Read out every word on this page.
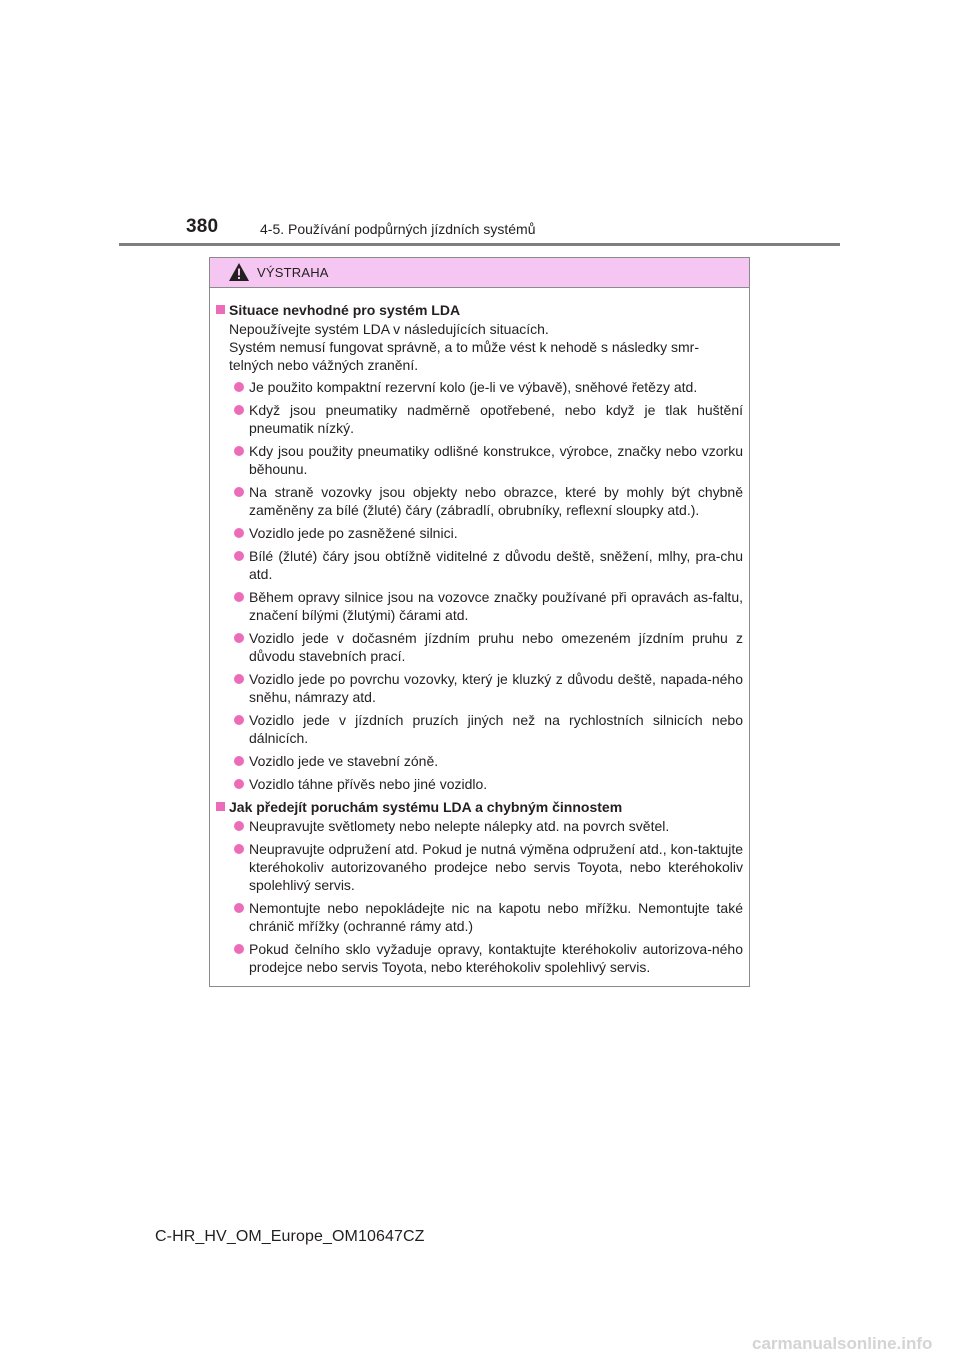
380	4-5. Používání podpůrných jízdních systémů
VÝSTRAHA
Situace nevhodné pro systém LDA
Nepoužívejte systém LDA v následujících situacích.
Systém nemusí fungovat správně, a to může vést k nehodě s následky smr-telných nebo vážných zranění.
Je použito kompaktní rezervní kolo (je-li ve výbavě), sněhové řetězy atd.
Když jsou pneumatiky nadměrně opotřebené, nebo když je tlak huštění pneumatik nízký.
Kdy jsou použity pneumatiky odlišné konstrukce, výrobce, značky nebo vzorku běhounu.
Na straně vozovky jsou objekty nebo obrazce, které by mohly být chybně zaměněny za bílé (žluté) čáry (zábradlí, obrubníky, reflexní sloupky atd.).
Vozidlo jede po zasněžené silnici.
Bílé (žluté) čáry jsou obtížně viditelné z důvodu deště, sněžení, mlhy, pra-chu atd.
Během opravy silnice jsou na vozovce značky používané při opravách as-faltu, značení bílými (žlutými) čárami atd.
Vozidlo jede v dočasném jízdním pruhu nebo omezeném jízdním pruhu z důvodu stavebních prací.
Vozidlo jede po povrchu vozovky, který je kluzký z důvodu deště, napada-ného sněhu, námrazy atd.
Vozidlo jede v jízdních pruzích jiných než na rychlostních silnicích nebo dálnicích.
Vozidlo jede ve stavební zóně.
Vozidlo táhne přívěs nebo jiné vozidlo.
Jak předejít poruchám systému LDA a chybným činnostem
Neupravujte světlomety nebo nelepte nálepky atd. na povrch světel.
Neupravujte odpružení atd. Pokud je nutná výměna odpružení atd., kon-taktujte kteréhokoliv autorizovaného prodejce nebo servis Toyota, nebo kteréhokoliv spolehlivý servis.
Nemontujte nebo nepokládejte nic na kapotu nebo mřížku. Nemontujte také chránič mřížky (ochranné rámy atd.)
Pokud čelního sklo vyžaduje opravy, kontaktujte kteréhokoliv autorizova-ného prodejce nebo servis Toyota, nebo kteréhokoliv spolehlivý servis.
C-HR_HV_OM_Europe_OM10647CZ
carmanualsonline.info
